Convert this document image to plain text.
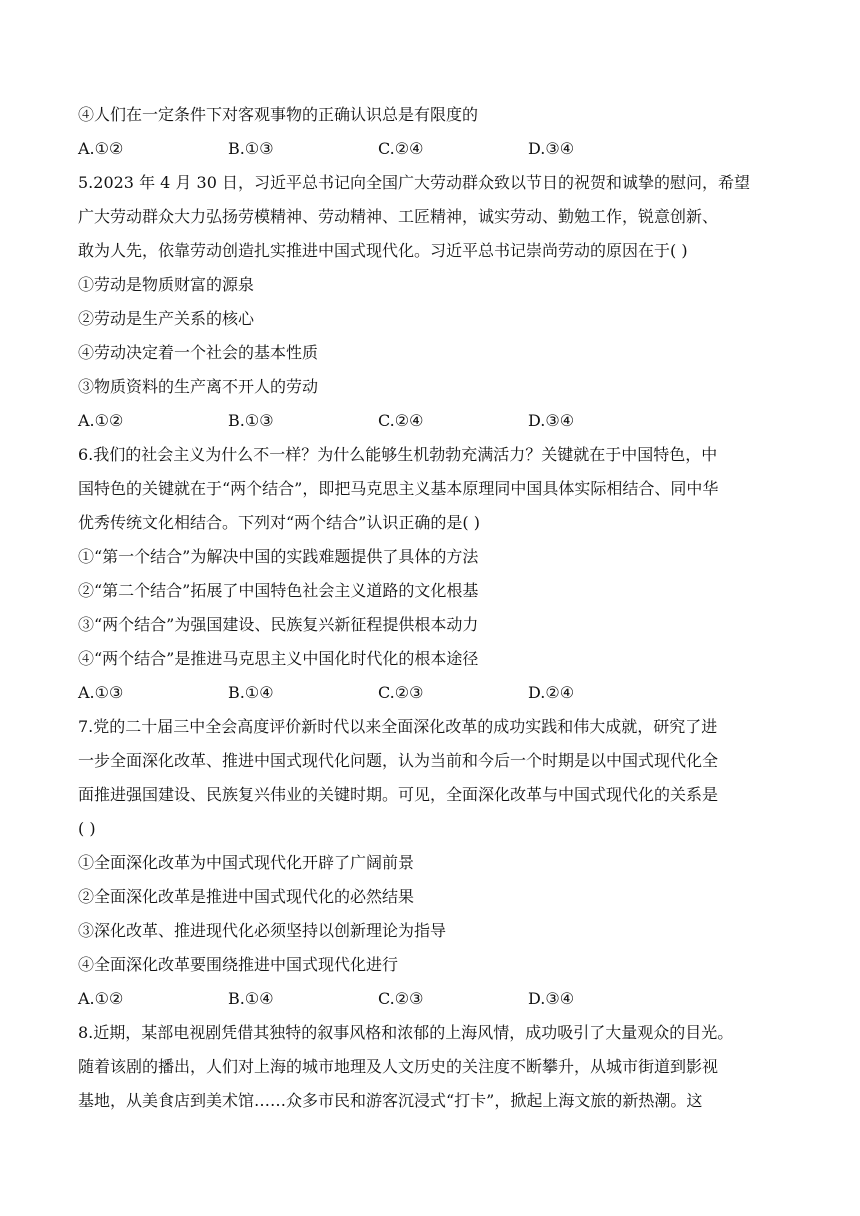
④人们在一定条件下对客观事物的正确认识总是有限度的
A.①②	B.①③	C.②④	D.③④
5.2023 年 4 月 30 日，习近平总书记向全国广大劳动群众致以节日的祝贺和诚挚的慰问，希望
广大劳动群众大力弘扬劳模精神、劳动精神、工匠精神，诚实劳动、勤勉工作，锐意创新、
敢为人先，依靠劳动创造扎实推进中国式现代化。习近平总书记崇尚劳动的原因在于( )
①劳动是物质财富的源泉
②劳动是生产关系的核心
④劳动决定着一个社会的基本性质
③物质资料的生产离不开人的劳动
A.①②	B.①③	C.②④	D.③④
6.我们的社会主义为什么不一样？为什么能够生机勃勃充满活力？关键就在于中国特色，中
国特色的关键就在于“两个结合”，即把马克思主义基本原理同中国具体实际相结合、同中华
优秀传统文化相结合。下列对“两个结合”认识正确的是( )
①“第一个结合”为解决中国的实践难题提供了具体的方法
②“第二个结合”拓展了中国特色社会主义道路的文化根基
③“两个结合”为强国建设、民族复兴新征程提供根本动力
④“两个结合”是推进马克思主义中国化时代化的根本途径
A.①③	B.①④	C.②③	D.②④
7.党的二十届三中全会高度评价新时代以来全面深化改革的成功实践和伟大成就，研究了进
一步全面深化改革、推进中国式现代化问题，认为当前和今后一个时期是以中国式现代化全
面推进强国建设、民族复兴伟业的关键时期。可见，全面深化改革与中国式现代化的关系是
( )
①全面深化改革为中国式现代化开辟了广阔前景
②全面深化改革是推进中国式现代化的必然结果
③深化改革、推进现代化必须坚持以创新理论为指导
④全面深化改革要围绕推进中国式现代化进行
A.①②	B.①④	C.②③	D.③④
8.近期，某部电视剧凭借其独特的叙事风格和浓郁的上海风情，成功吸引了大量观众的目光。
随着该剧的播出，人们对上海的城市地理及人文历史的关注度不断攀升，从城市街道到影视
基地，从美食店到美术馆……众多市民和游客沉浸式“打卡”，掀起上海文旅的新热潮。这
